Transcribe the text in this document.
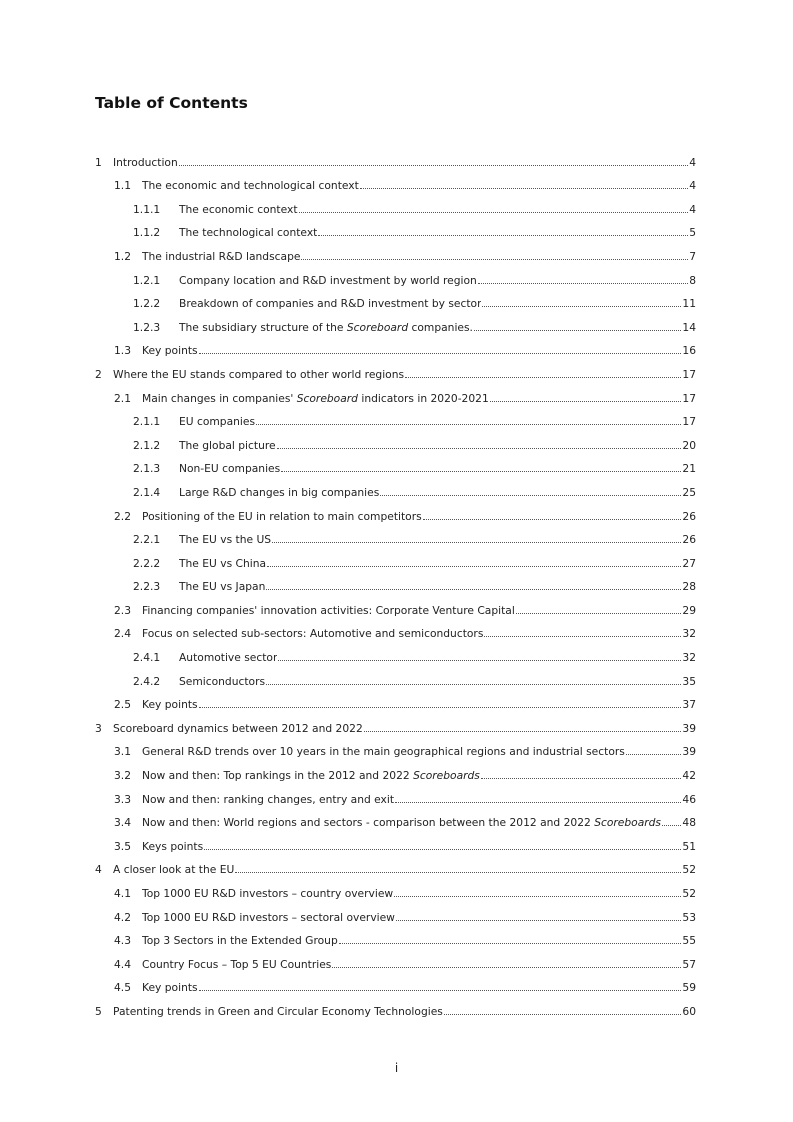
Table of Contents
1	Introduction	4
1.1	The economic and technological context	4
1.1.1	The economic context	4
1.1.2	The technological context	5
1.2	The industrial R&D landscape	7
1.2.1	Company location and R&D investment by world region	8
1.2.2	Breakdown of companies and R&D investment by sector	11
1.2.3	The subsidiary structure of the Scoreboard companies.	14
1.3	Key points	16
2	Where the EU stands compared to other world regions	17
2.1	Main changes in companies' Scoreboard indicators in 2020-2021	17
2.1.1	EU companies	17
2.1.2	The global picture	20
2.1.3	Non-EU companies	21
2.1.4	Large R&D changes in big companies	25
2.2	Positioning of the EU in relation to main competitors	26
2.2.1	The EU vs the US	26
2.2.2	The EU vs China	27
2.2.3	The EU vs Japan	28
2.3	Financing companies' innovation activities: Corporate Venture Capital	29
2.4	Focus on selected sub-sectors: Automotive and semiconductors	32
2.4.1	Automotive sector	32
2.4.2	Semiconductors	35
2.5	Key points	37
3	Scoreboard dynamics between 2012 and 2022	39
3.1	General R&D trends over 10 years in the main geographical regions and industrial sectors	39
3.2	Now and then: Top rankings in the 2012 and 2022 Scoreboards	42
3.3	Now and then: ranking changes, entry and exit	46
3.4	Now and then: World regions and sectors - comparison between the 2012 and 2022 Scoreboards 48
3.5	Keys points	51
4	A closer look at the EU	52
4.1	Top 1000 EU R&D investors – country overview	52
4.2	Top 1000 EU R&D investors – sectoral overview	53
4.3	Top 3 Sectors in the Extended Group	55
4.4	Country Focus – Top 5 EU Countries	57
4.5	Key points	59
5	Patenting trends in Green and Circular Economy Technologies	60
i
